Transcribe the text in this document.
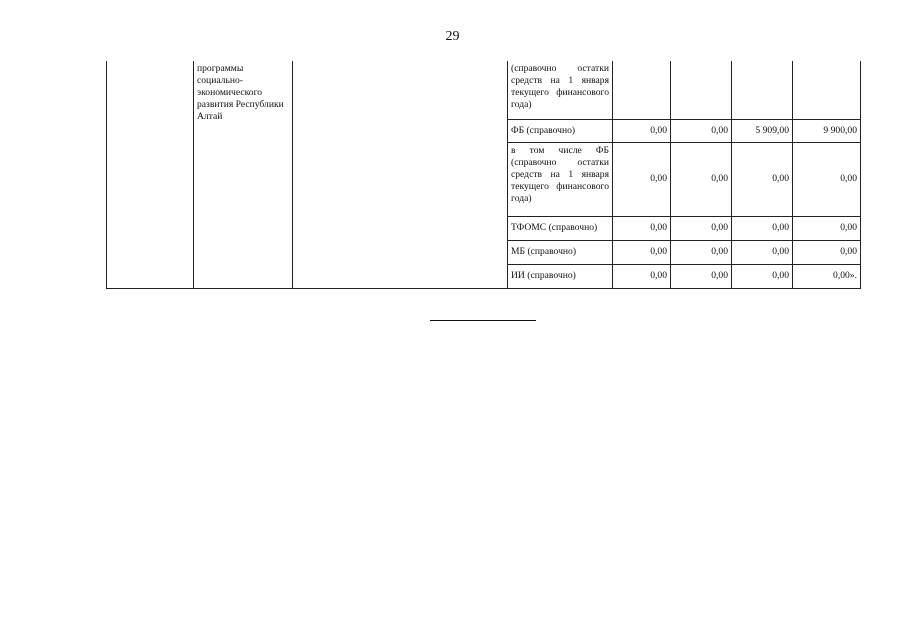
29
	программы социально-экономического развития Республики Алтай		(справочно остатки средств на 1 января текущего финансового года)				
			ФБ (справочно)	0,00	0,00	5 909,00	9 900,00
			в том числе ФБ (справочно остатки средств на 1 января текущего финансового года)	0,00	0,00	0,00	0,00
			ТФОМС (справочно)	0,00	0,00	0,00	0,00
			МБ (справочно)	0,00	0,00	0,00	0,00
			ИИ (справочно)	0,00	0,00	0,00	0,00».
